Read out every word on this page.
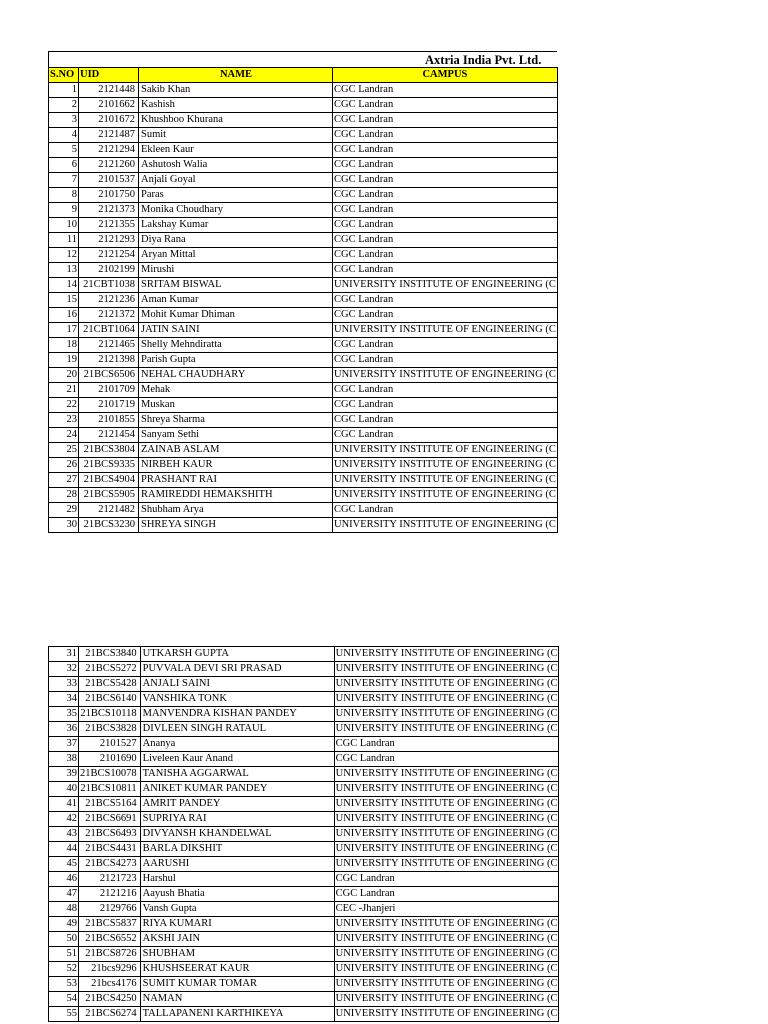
			Axtria India Pvt. Ltd.
S.NO	UID	NAME	CAMPUS
1	2121448	Sakib Khan	CGC Landran
2	2101662	Kashish	CGC Landran
3	2101672	Khushboo Khurana	CGC Landran
4	2121487	Sumit	CGC Landran
5	2121294	Ekleen Kaur	CGC Landran
6	2121260	Ashutosh Walia	CGC Landran
7	2101537	Anjali Goyal	CGC Landran
8	2101750	Paras	CGC Landran
9	2121373	Monika Choudhary	CGC Landran
10	2121355	Lakshay Kumar	CGC Landran
11	2121293	Diya Rana	CGC Landran
12	2121254	Aryan Mittal	CGC Landran
13	2102199	Mirushi	CGC Landran
14	21CBT1038	SRITAM BISWAL	UNIVERSITY INSTITUTE OF ENGINEERING (C
15	2121236	Aman Kumar	CGC Landran
16	2121372	Mohit Kumar Dhiman	CGC Landran
17	21CBT1064	JATIN SAINI	UNIVERSITY INSTITUTE OF ENGINEERING (C
18	2121465	Shelly Mehndiratta	CGC Landran
19	2121398	Parish Gupta	CGC Landran
20	21BCS6506	NEHAL CHAUDHARY	UNIVERSITY INSTITUTE OF ENGINEERING (C
21	2101709	Mehak	CGC Landran
22	2101719	Muskan	CGC Landran
23	2101855	Shreya Sharma	CGC Landran
24	2121454	Sanyam Sethi	CGC Landran
25	21BCS3804	ZAINAB ASLAM	UNIVERSITY INSTITUTE OF ENGINEERING (C
26	21BCS9335	NIRBEH KAUR	UNIVERSITY INSTITUTE OF ENGINEERING (C
27	21BCS4904	PRASHANT RAI	UNIVERSITY INSTITUTE OF ENGINEERING (C
28	21BCS5905	RAMIREDDI HEMAKSHITH	UNIVERSITY INSTITUTE OF ENGINEERING (C
29	2121482	Shubham Arya	CGC Landran
30	21BCS3230	SHREYA SINGH	UNIVERSITY INSTITUTE OF ENGINEERING (C
31	21BCS3840	UTKARSH GUPTA	UNIVERSITY INSTITUTE OF ENGINEERING (C
32	21BCS5272	PUVVALA DEVI SRI PRASAD	UNIVERSITY INSTITUTE OF ENGINEERING (C
33	21BCS5428	ANJALI SAINI	UNIVERSITY INSTITUTE OF ENGINEERING (C
34	21BCS6140	VANSHIKA TONK	UNIVERSITY INSTITUTE OF ENGINEERING (C
35	21BCS10118	MANVENDRA KISHAN PANDEY	UNIVERSITY INSTITUTE OF ENGINEERING (C
36	21BCS3828	DIVLEEN SINGH RATAUL	UNIVERSITY INSTITUTE OF ENGINEERING (C
37	2101527	Ananya	CGC Landran
38	2101690	Liveleen Kaur Anand	CGC Landran
39	21BCS10078	TANISHA AGGARWAL	UNIVERSITY INSTITUTE OF ENGINEERING (C
40	21BCS10811	ANIKET KUMAR PANDEY	UNIVERSITY INSTITUTE OF ENGINEERING (C
41	21BCS5164	AMRIT PANDEY	UNIVERSITY INSTITUTE OF ENGINEERING (C
42	21BCS6691	SUPRIYA RAI	UNIVERSITY INSTITUTE OF ENGINEERING (C
43	21BCS6493	DIVYANSH KHANDELWAL	UNIVERSITY INSTITUTE OF ENGINEERING (C
44	21BCS4431	BARLA DIKSHIT	UNIVERSITY INSTITUTE OF ENGINEERING (C
45	21BCS4273	AARUSHI	UNIVERSITY INSTITUTE OF ENGINEERING (C
46	2121723	Harshul	CGC Landran
47	2121216	Aayush Bhatia	CGC Landran
48	2129766	Vansh Gupta	CEC -Jhanjeri
49	21BCS5837	RIYA KUMARI	UNIVERSITY INSTITUTE OF ENGINEERING (C
50	21BCS6552	AKSHI JAIN	UNIVERSITY INSTITUTE OF ENGINEERING (C
51	21BCS8726	SHUBHAM	UNIVERSITY INSTITUTE OF ENGINEERING (C
52	21bcs9296	KHUSHSEERAT KAUR	UNIVERSITY INSTITUTE OF ENGINEERING (C
53	21bcs4176	SUMIT KUMAR TOMAR	UNIVERSITY INSTITUTE OF ENGINEERING (C
54	21BCS4250	NAMAN	UNIVERSITY INSTITUTE OF ENGINEERING (C
55	21BCS6274	TALLAPANENI KARTHIKEYA	UNIVERSITY INSTITUTE OF ENGINEERING (C
